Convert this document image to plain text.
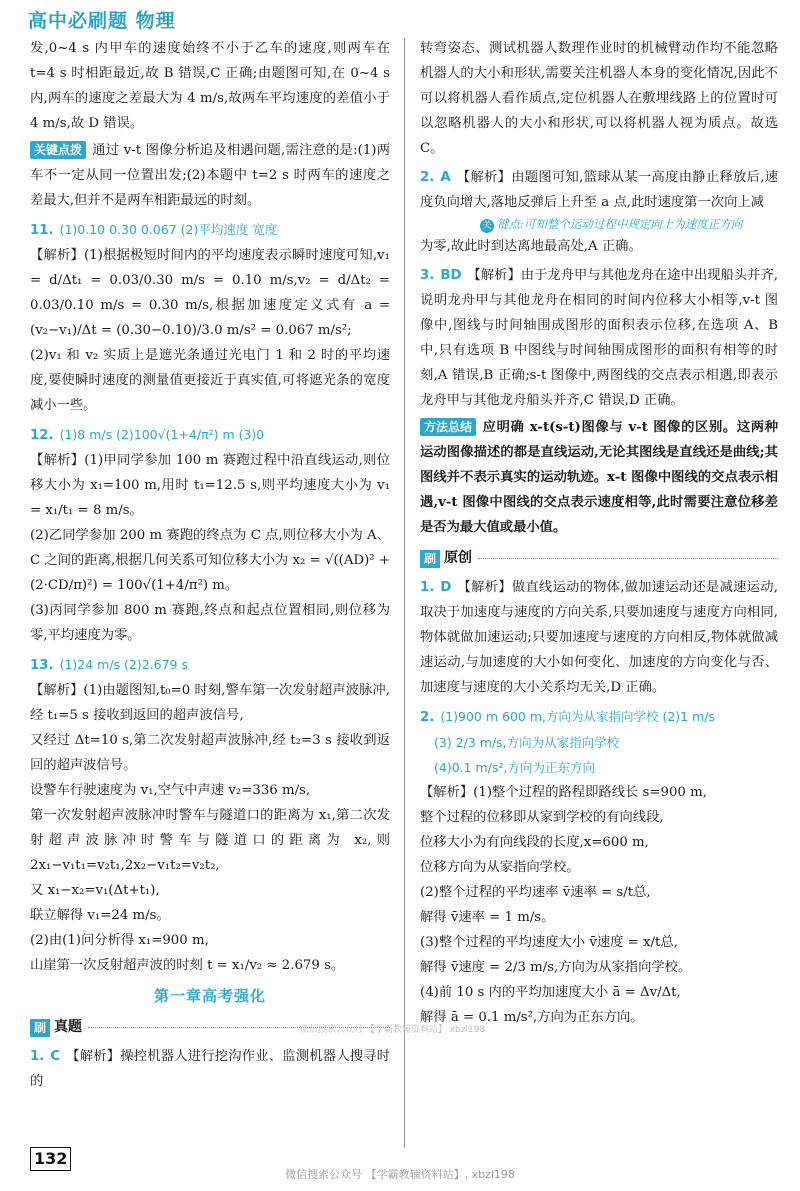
高中必刷题 物理

发,0~4 s 内甲车的速度始终不小于乙车的速度,则两车在 t=4 s 时相距最近,故 B 错误,C 正确;由题图可知,在 0~4 s 内,两车的速度之差最大为 4 m/s,故两车平均速度的差值小于4 m/s,故 D 错误。

关键点拨 通过 v-t 图像分析追及相遇问题,需注意的是:(1)两车不一定从同一位置出发;(2)本题中 t=2 s 时两车的速度之差最大,但并不是两车相距最远的时刻。

11. (1)0.10 0.30 0.067 (2)平均速度 宽度

【解析】(1)根据极短时间内的平均速度表示瞬时速度可知,v₁ = d/Δt₁ = 0.03/0.30 m/s = 0.10 m/s,v₂ = d/Δt₂ = 0.03/0.10 m/s = 0.30 m/s,根据加速度定义式有 a = (v₂−v₁)/Δt = (0.30−0.10)/3.0 m/s² = 0.067 m/s²;

(2)v₁ 和 v₂ 实质上是遮光条通过光电门 1 和 2 时的平均速度,要使瞬时速度的测量值更接近于真实值,可将遮光条的宽度减小一些。

12. (1)8 m/s (2)100√(1+4/π²) m (3)0

【解析】(1)甲同学参加 100 m 赛跑过程中沿直线运动,则位移大小为 x₁=100 m,用时 t₁=12.5 s,则平均速度大小为 v₁ = x₁/t₁ = 8 m/s。

(2)乙同学参加 200 m 赛跑的终点为 C 点,则位移大小为 A、C 之间的距离,根据几何关系可知位移大小为 x₂ = √((AD)² + (2·CD/π)²) = 100√(1+4/π²) m。

(3)丙同学参加 800 m 赛跑,终点和起点位置相同,则位移为零,平均速度为零。

13. (1)24 m/s (2)2.679 s

【解析】(1)由题图知,t₀=0 时刻,警车第一次发射超声波脉冲,经 t₁=5 s 接收到返回的超声波信号,

又经过 Δt=10 s,第二次发射超声波脉冲,经 t₂=3 s 接收到返回的超声波信号。

设警车行驶速度为 v₁,空气中声速 v₂=336 m/s,

第一次发射超声波脉冲时警车与隧道口的距离为 x₁,第二次发射超声波脉冲时警车与隧道口的距离为 x₂,则 2x₁−v₁t₁=v₂t₁,2x₂−v₁t₂=v₂t₂,

又 x₁−x₂=v₁(Δt+t₁),

联立解得 v₁=24 m/s。

(2)由(1)问分析得 x₁=900 m,

山崖第一次反射超声波的时刻 t = x₁/v₂ ≈ 2.679 s。

第一章高考强化
刷 真题

1. C 【解析】操控机器人进行挖沟作业、监测机器人搜寻时的

转弯姿态、测试机器人数理作业时的机械臂动作均不能忽略机器人的大小和形状,需要关注机器人本身的变化情况,因此不可以将机器人看作质点,定位机器人在敷埋线路上的位置时可以忽略机器人的大小和形状,可以将机器人视为质点。故选 C。

2. A 【解析】由题图可知,篮球从某一高度由静止释放后,速度负向增大,落地反弹后上升至 a 点,此时速度第一次向上减

关 键点:可知整个运动过程中规定向上为速度正方向

为零,故此时到达离地最高处,A 正确。

3. BD 【解析】由于龙舟甲与其他龙舟在途中出现船头并齐,说明龙舟甲与其他龙舟在相同的时间内位移大小相等,v-t 图像中,图线与时间轴围成图形的面积表示位移,在选项 A、B 中,只有选项 B 中图线与时间轴围成图形的面积有相等的时刻,A 错误,B 正确;s-t 图像中,两图线的交点表示相遇,即表示龙舟甲与其他龙舟船头并齐,C 错误,D 正确。

方法总结 应明确 x-t(s-t)图像与 v-t 图像的区别。这两种运动图像描述的都是直线运动,无论其图线是直线还是曲线;其图线并不表示真实的运动轨迹。x-t 图像中图线的交点表示相遇,v-t 图像中图线的交点表示速度相等,此时需要注意位移差是否为最大值或最小值。

刷 原创

1. D 【解析】做直线运动的物体,做加速运动还是减速运动,取决于加速度与速度的方向关系,只要加速度与速度方向相同,物体就做加速运动;只要加速度与速度的方向相反,物体就做减速运动,与加速度的大小如何变化、加速度的方向变化与否、加速度与速度的大小关系均无关,D 正确。

2. (1)900 m 600 m,方向为从家指向学校 (2)1 m/s

(3) 2/3 m/s,方向为从家指向学校

(4)0.1 m/s²,方向为正东方向

【解析】(1)整个过程的路程即路线长 s=900 m,

整个过程的位移即从家到学校的有向线段,

位移大小为有向线段的长度,x=600 m,

位移方向为从家指向学校。

(2)整个过程的平均速率 v̄速率 = s/t总,

解得 v̄速率 = 1 m/s。

(3)整个过程的平均速度大小 v̄速度 = x/t总,

解得 v̄速度 = 2/3 m/s,方向为从家指向学校。

(4)前 10 s 内的平均加速度大小 ā = Δv/Δt,

解得 ā = 0.1 m/s²,方向为正东方向。

微信搜索公众号 【学霸教辅资料站】 xbzl198
132
微信搜索公众号 【学霸教辅资料站】, xbzl198
